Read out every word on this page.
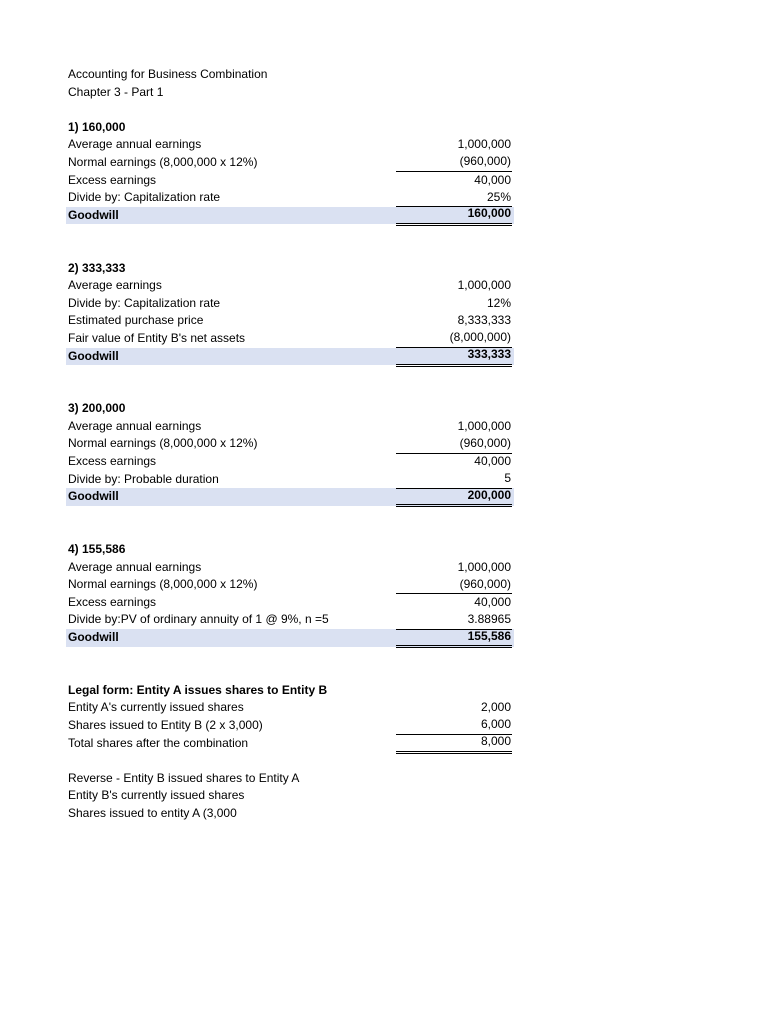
Accounting for Business Combination
Chapter 3 - Part 1
1) 160,000
Average annual earnings	1,000,000
Normal earnings (8,000,000 x 12%)	(960,000)
Excess earnings	40,000
Divide by: Capitalization rate	25%
Goodwill	160,000
2) 333,333
Average earnings	1,000,000
Divide by: Capitalization rate	12%
Estimated purchase price	8,333,333
Fair value of Entity B's net assets	(8,000,000)
Goodwill	333,333
3) 200,000
Average annual earnings	1,000,000
Normal earnings (8,000,000 x 12%)	(960,000)
Excess earnings	40,000
Divide by: Probable duration	5
Goodwill	200,000
4) 155,586
Average annual earnings	1,000,000
Normal earnings (8,000,000 x 12%)	(960,000)
Excess earnings	40,000
Divide by:PV of ordinary annuity of 1 @ 9%, n =5	3.88965
Goodwill	155,586
Legal form: Entity A issues shares to Entity B
Entity A's currently issued shares	2,000
Shares issued to Entity B (2 x 3,000)	6,000
Total shares after the combination	8,000
Reverse - Entity B issued shares to Entity A
Entity B's currently issued shares
Shares issued to entity A (3,000
